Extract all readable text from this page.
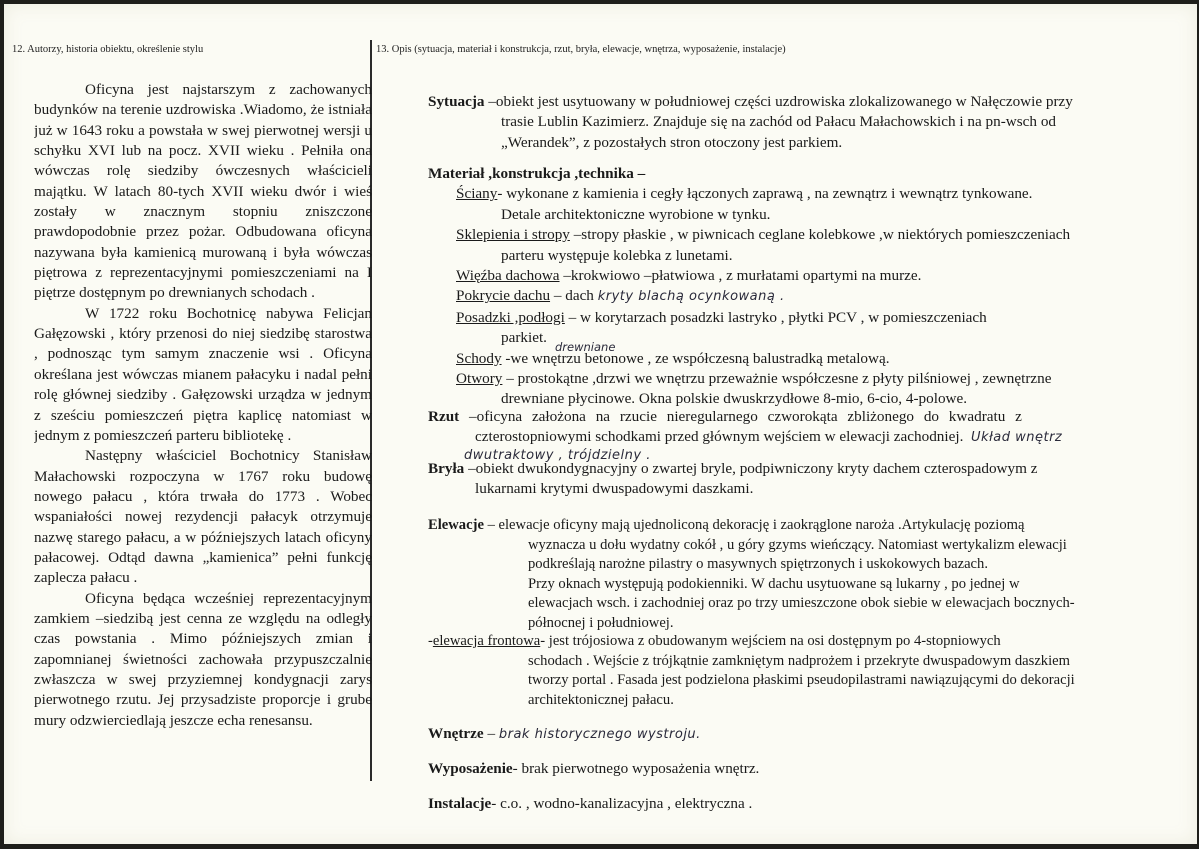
12. Autorzy, historia obiektu, określenie stylu	13. Opis (sytuacja, materiał i konstrukcja, rzut, bryła, elewacje, wnętrza, wyposażenie, instalacje)

Oficyna jest najstarszym z zachowanych budynków na terenie uzdrowiska .Wiadomo, że istniała już w 1643 roku a powstała w swej pierwotnej wersji u schyłku XVI lub na pocz. XVII wieku . Pełniła ona wówczas rolę siedziby ówczesnych właścicieli majątku. W latach 80-tych XVII wieku dwór i wieś zostały w znacznym stopniu zniszczone prawdopodobnie przez pożar. Odbudowana oficyna nazywana była kamienicą murowaną i była wówczas piętrowa z reprezentacyjnymi pomieszczeniami na I piętrze dostępnym po drewnianych schodach .

W 1722 roku Bochotnicę nabywa Felicjan Gałęzowski , który przenosi do niej siedzibę starostwa , podnosząc tym samym znaczenie wsi . Oficyna określana jest wówczas mianem pałacyku i nadal pełni rolę głównej siedziby . Gałęzowski urządza w jednym z sześciu pomieszczeń piętra kaplicę natomiast w jednym z pomieszczeń parteru bibliotekę .

Następny właściciel Bochotnicy Stanisław Małachowski rozpoczyna w 1767 roku budowę nowego pałacu , która trwała do 1773 . Wobec wspaniałości nowej rezydencji pałacyk otrzymuje nazwę starego pałacu, a w późniejszych latach oficyny pałacowej. Odtąd dawna „kamienica” pełni funkcję zaplecza pałacu .

Oficyna będąca wcześniej reprezentacyjnym zamkiem –siedzibą jest cenna ze względu na odległy czas powstania . Mimo późniejszych zmian i zapomnianej świetności zachowała przypuszczalnie zwłaszcza w swej przyziemnej kondygnacji zarys pierwotnego rzutu. Jej przysadziste proporcje i grube mury odzwierciedlają jeszcze echa renesansu.

Sytuacja –obiekt jest usytuowany w południowej części uzdrowiska zlokalizowanego w Nałęczowie przy
trasie Lublin Kazimierz. Znajduje się na zachód od Pałacu Małachowskich i na pn-wsch od
„Werandek”, z pozostałych stron otoczony jest parkiem.
Materiał ,konstrukcja ,technika –
Ściany- wykonane z kamienia i cegły łączonych zaprawą , na zewnątrz i wewnątrz tynkowane.
Detale architektoniczne wyrobione w tynku.
Sklepienia i stropy –stropy płaskie , w piwnicach ceglane kolebkowe ,w niektórych pomieszczeniach
parteru występuje kolebka z lunetami.
Więźba dachowa –krokwiowo –płatwiowa , z murłatami opartymi na murze.
Pokrycie dachu – dach kryty blachą ocynkowaną .
Posadzki ,podłogi – w korytarzach posadzki lastryko , płytki PCV , w pomieszczeniach
parkiet.
drewniane
Schody -we wnętrzu betonowe , ze współczesną balustradką metalową.
Otwory – prostokątne ,drzwi we wnętrzu przeważnie współczesne z płyty pilśniowej , zewnętrzne
drewniane płycinowe. Okna polskie dwuskrzydłowe 8-mio, 6-cio, 4-polowe.
Rzut –oficyna założona na rzucie nieregularnego czworokąta zbliżonego do kwadratu z
czterostopniowymi schodkami przed głównym wejściem w elewacji zachodniej. Układ wnętrz
dwutraktowy , trójdzielny .
Bryła –obiekt dwukondygnacyjny o zwartej bryle, podpiwniczony kryty dachem czterospadowym z
lukarnami krytymi dwuspadowymi daszkami.
Elewacje – elewacje oficyny mają ujednoliconą dekorację i zaokrąglone naroża .Artykulację poziomą
wyznacza u dołu wydatny cokół , u góry gzyms wieńczący. Natomiast wertykalizm elewacji
podkreślają narożne pilastry o masywnych spiętrzonych i uskokowych bazach.
Przy oknach występują podokienniki. W dachu usytuowane są lukarny , po jednej w
elewacjach wsch. i zachodniej oraz po trzy umieszczone obok siebie w elewacjach bocznych-
północnej i południowej.
-elewacja frontowa- jest trójosiowa z obudowanym wejściem na osi dostępnym po 4-stopniowych
schodach . Wejście z trójkątnie zamkniętym nadprożem i przekryte dwuspadowym daszkiem
tworzy portal . Fasada jest podzielona płaskimi pseudopilastrami nawiązującymi do dekoracji
architektonicznej pałacu.
Wnętrze – brak historycznego wystroju.
Wyposażenie- brak pierwotnego wyposażenia wnętrz.
Instalacje- c.o. , wodno-kanalizacyjna , elektryczna .
